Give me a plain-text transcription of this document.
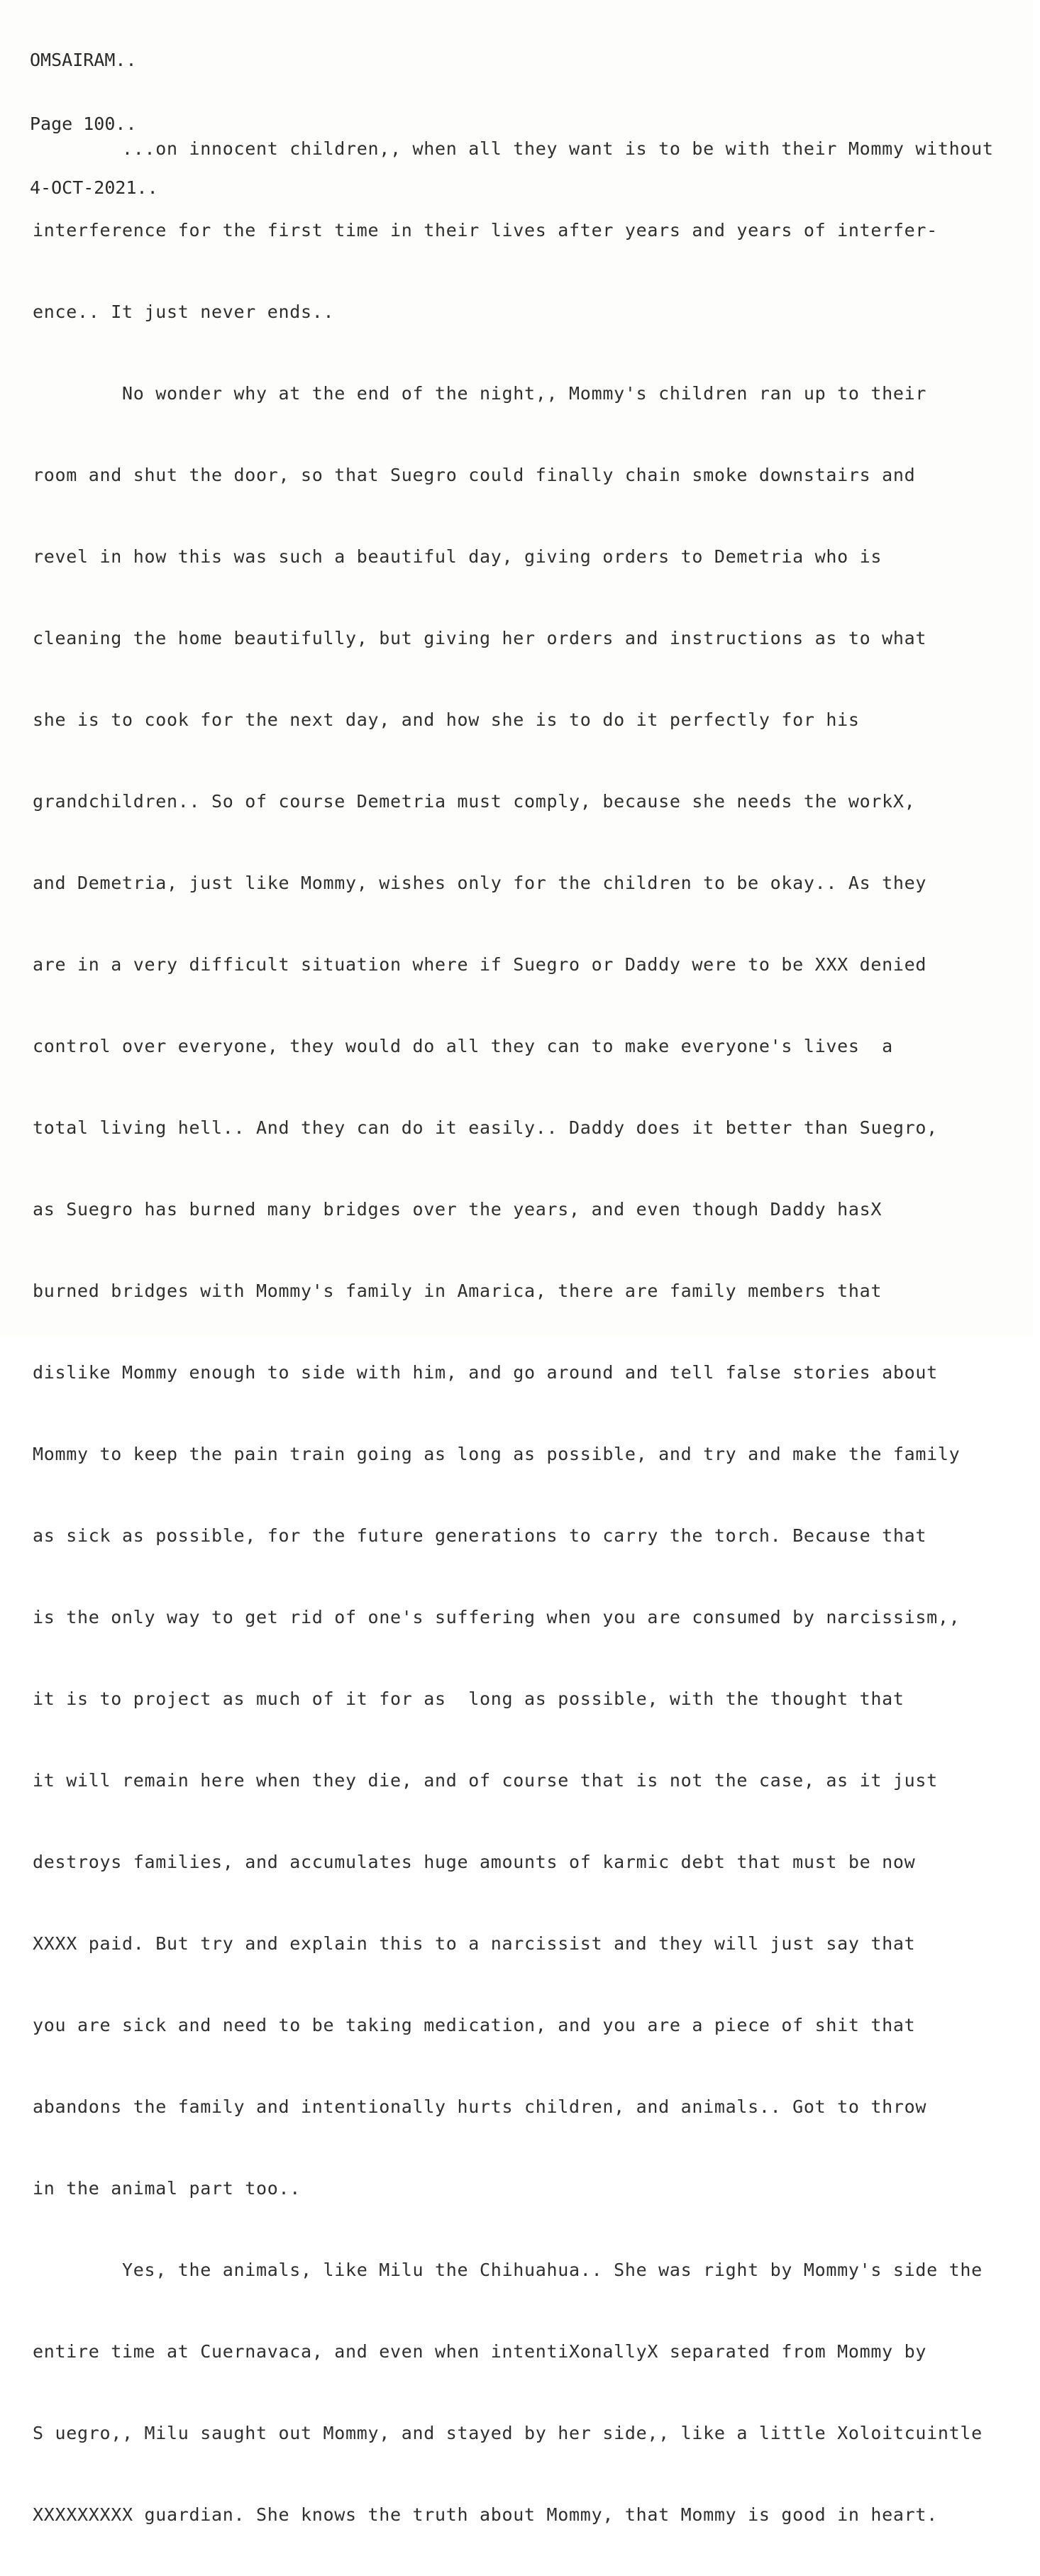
OMSAIRAM..

Page 100..

4-OCT-2021..

...on innocent children,, when all they want is to be with their Mommy without

interference for the first time in their lives after years and years of interfer-

ence.. It just never ends..

No wonder why at the end of the night,, Mommy's children ran up to their

room and shut the door, so that Suegro could finally chain smoke downstairs and

revel in how this was such a beautiful day, giving orders to Demetria who is

cleaning the home beautifully, but giving her orders and instructions as to what

she is to cook for the next day, and how she is to do it perfectly for his

grandchildren.. So of course Demetria must comply, because she needs the workX,

and Demetria, just like Mommy, wishes only for the children to be okay.. As they

are in a very difficult situation where if Suegro or Daddy were to be XXX denied

control over everyone, they would do all they can to make everyone's lives  a

total living hell.. And they can do it easily.. Daddy does it better than Suegro,

as Suegro has burned many bridges over the years, and even though Daddy hasX

burned bridges with Mommy's family in Amarica, there are family members that

dislike Mommy enough to side with him, and go around and tell false stories about

Mommy to keep the pain train going as long as possible, and try and make the family

as sick as possible, for the future generations to carry the torch. Because that

is the only way to get rid of one's suffering when you are consumed by narcissism,,

it is to project as much of it for as  long as possible, with the thought that

it will remain here when they die, and of course that is not the case, as it just

destroys families, and accumulates huge amounts of karmic debt that must be now

XXXX paid. But try and explain this to a narcissist and they will just say that

you are sick and need to be taking medication, and you are a piece of shit that

abandons the family and intentionally hurts children, and animals.. Got to throw

in the animal part too..

Yes, the animals, like Milu the Chihuahua.. She was right by Mommy's side the

entire time at Cuernavaca, and even when intentiXonallyX separated from Mommy by

S uegro,, Milu saught out Mommy, and stayed by her side,, like a little Xoloitcuintle

XXXXXXXXX guardian. She knows the truth about Mommy, that Mommy is good in heart.
